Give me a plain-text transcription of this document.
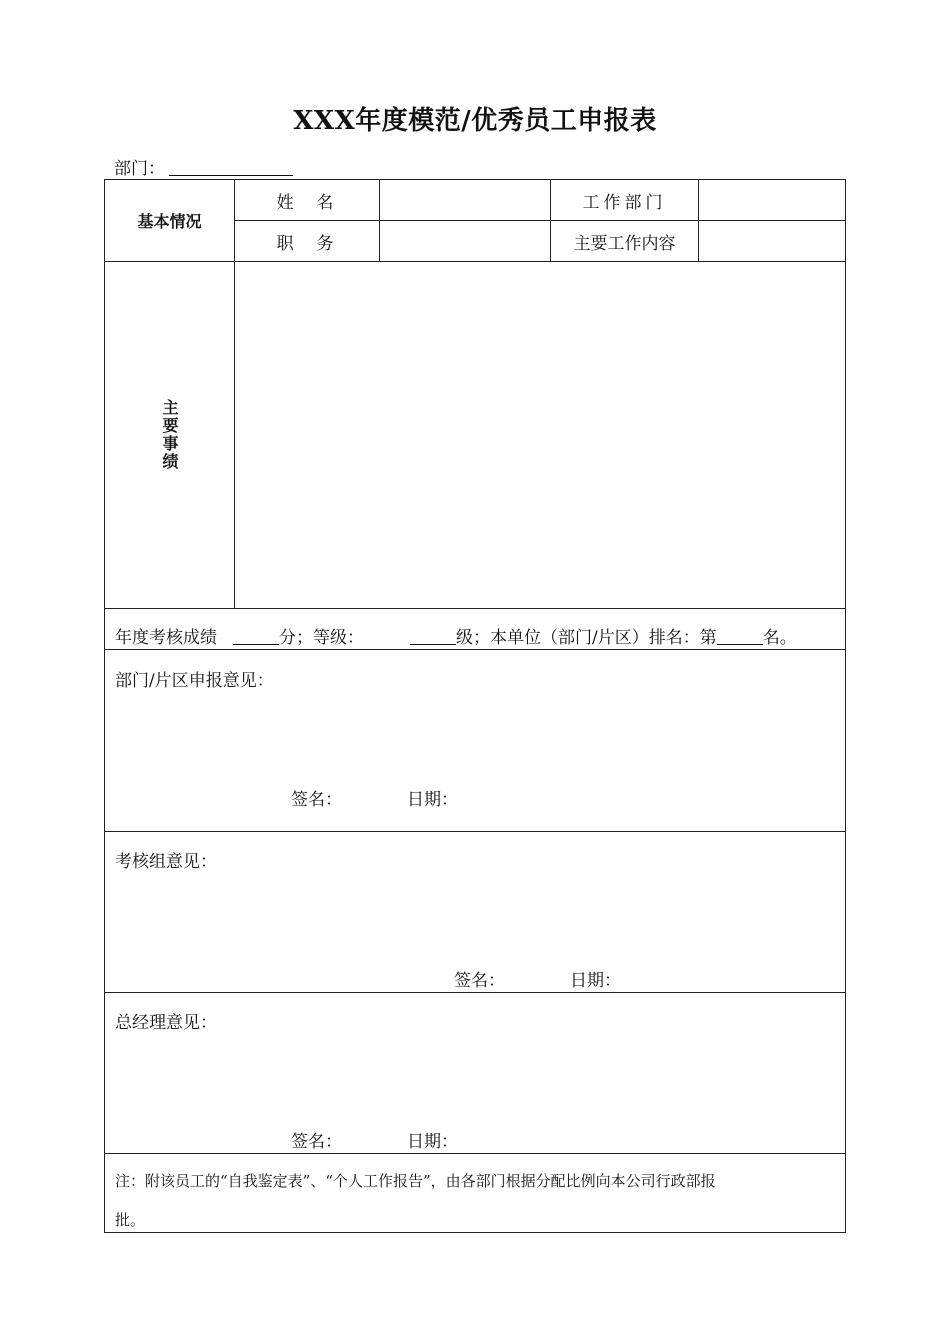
XXX年度模范/优秀员工申报表
部门：
基本情况
姓  名	工作部门
职  务	主要工作内容
主要事绩
年度考核成绩	分；等级：	级；本单位（部门/片区）排名：第	名。
部门/片区申报意见：
签名：	日期：
考核组意见：
签名：	日期：
总经理意见：
签名：	日期：
注：附该员工的“自我鉴定表”、“个人工作报告”，由各部门根据分配比例向本公司行政部报
批。
